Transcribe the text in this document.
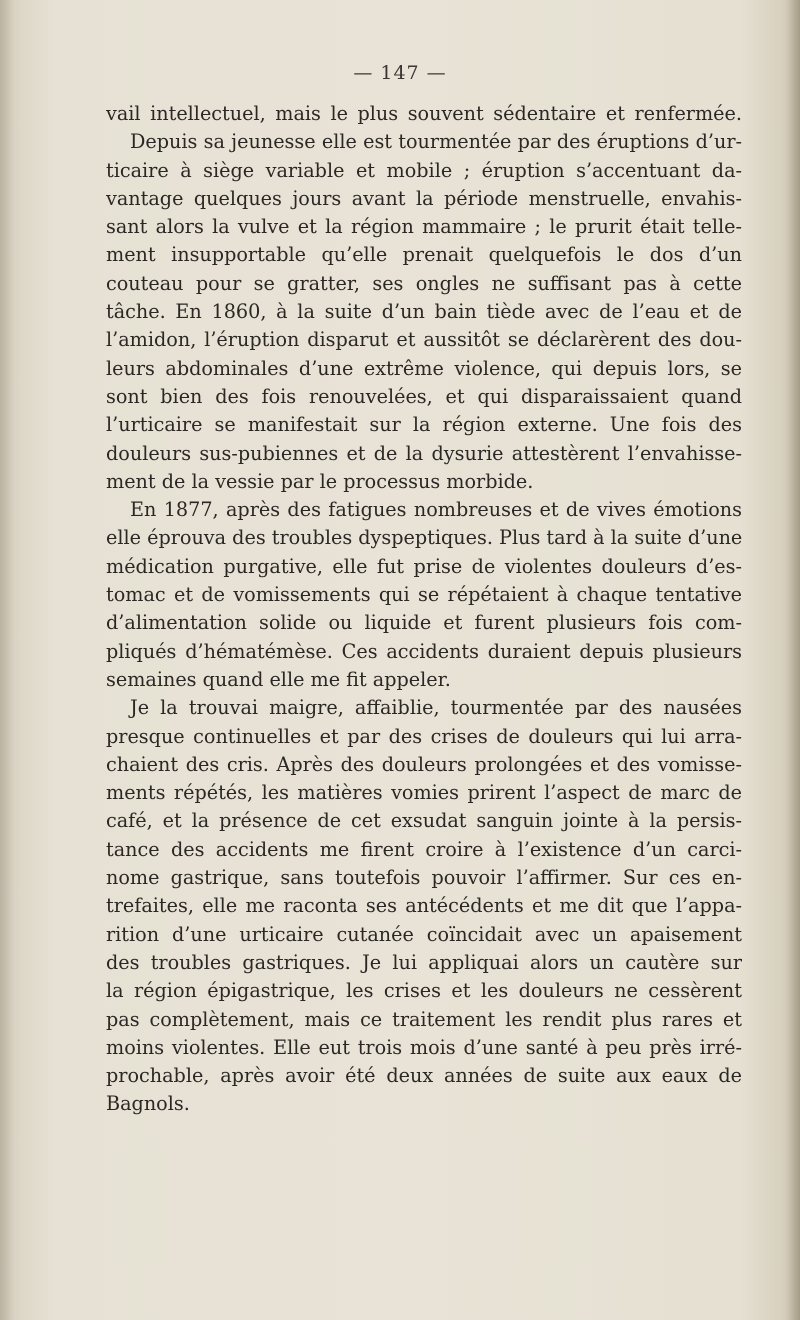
— 147 —
vail intellectuel, mais le plus souvent sédentaire et renfermée.
Depuis sa jeunesse elle est tourmentée par des éruptions d’ur-
ticaire à siège variable et mobile ; éruption s’accentuant da-
vantage quelques jours avant la période menstruelle, envahis-
sant alors la vulve et la région mammaire ; le prurit était telle-
ment insupportable qu’elle prenait quelquefois le dos d’un
couteau pour se gratter, ses ongles ne suffisant pas à cette
tâche. En 1860, à la suite d’un bain tiède avec de l’eau et de
l’amidon, l’éruption disparut et aussitôt se déclarèrent des dou-
leurs abdominales d’une extrême violence, qui depuis lors, se
sont bien des fois renouvelées, et qui disparaissaient quand
l’urticaire se manifestait sur la région externe. Une fois des
douleurs sus-pubiennes et de la dysurie attestèrent l’envahisse-
ment de la vessie par le processus morbide.
En 1877, après des fatigues nombreuses et de vives émotions
elle éprouva des troubles dyspeptiques. Plus tard à la suite d’une
médication purgative, elle fut prise de violentes douleurs d’es-
tomac et de vomissements qui se répétaient à chaque tentative
d’alimentation solide ou liquide et furent plusieurs fois com-
pliqués d’hématémèse. Ces accidents duraient depuis plusieurs
semaines quand elle me fit appeler.
Je la trouvai maigre, affaiblie, tourmentée par des nausées
presque continuelles et par des crises de douleurs qui lui arra-
chaient des cris. Après des douleurs prolongées et des vomisse-
ments répétés, les matières vomies prirent l’aspect de marc de
café, et la présence de cet exsudat sanguin jointe à la persis-
tance des accidents me firent croire à l’existence d’un carci-
nome gastrique, sans toutefois pouvoir l’affirmer. Sur ces en-
trefaites, elle me raconta ses antécédents et me dit que l’appa-
rition d’une urticaire cutanée coïncidait avec un apaisement
des troubles gastriques. Je lui appliquai alors un cautère sur
la région épigastrique, les crises et les douleurs ne cessèrent
pas complètement, mais ce traitement les rendit plus rares et
moins violentes. Elle eut trois mois d’une santé à peu près irré-
prochable, après avoir été deux années de suite aux eaux de
Bagnols.
